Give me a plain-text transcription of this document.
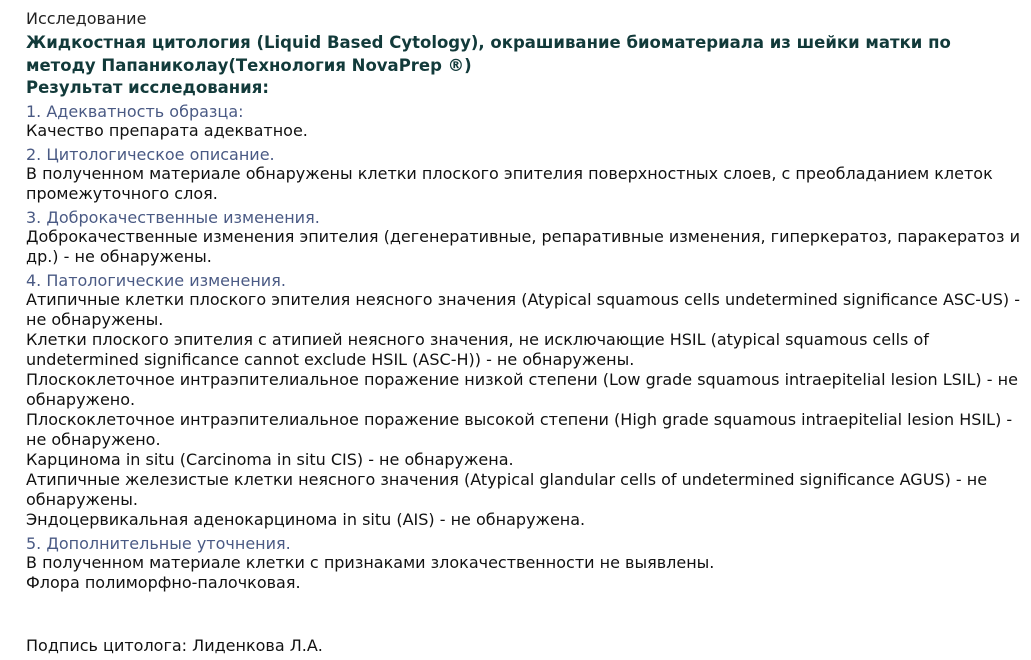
Исследование
Жидкостная цитология (Liquid Based Cytology), окрашивание биоматериала из шейки матки по методу Папаниколау(Технология NovaPrep ®)
Результат исследования:
1. Адекватность образца:
Качество препарата адекватное.
2. Цитологическое описание.
В полученном материале обнаружены клетки плоского эпителия поверхностных слоев, с преобладанием клеток промежуточного слоя.
3. Доброкачественные изменения.
Доброкачественные изменения эпителия (дегенеративные, репаративные изменения, гиперкератоз, паракератоз и др.) - не обнаружены.
4. Патологические изменения.
Атипичные клетки плоского эпителия неясного значения (Atypical squamous cells undetermined significance ASC-US) - не обнаружены.
Клетки плоского эпителия с атипией неясного значения, не исключающие HSIL (atypical squamous cells of undetermined significance cannot exclude HSIL (ASC-H)) - не обнаружены.
Плоскоклеточное интраэпителиальное поражение низкой степени (Low grade squamous intraepitelial lesion LSIL) - не обнаружено.
Плоскоклеточное интраэпителиальное поражение высокой степени (High grade squamous intraepitelial lesion HSIL) - не обнаружено.
Карцинома in situ (Carcinoma in situ CIS) - не обнаружена.
Атипичные железистые клетки неясного значения (Atypical glandular cells of undetermined significance AGUS) - не обнаружены.
Эндоцервикальная аденокарцинома in situ (AIS) - не обнаружена.
5. Дополнительные уточнения.
В полученном материале клетки с признаками злокачественности не выявлены.
Флора полиморфно-палочковая.
Подпись цитолога: Лиденкова Л.А.
